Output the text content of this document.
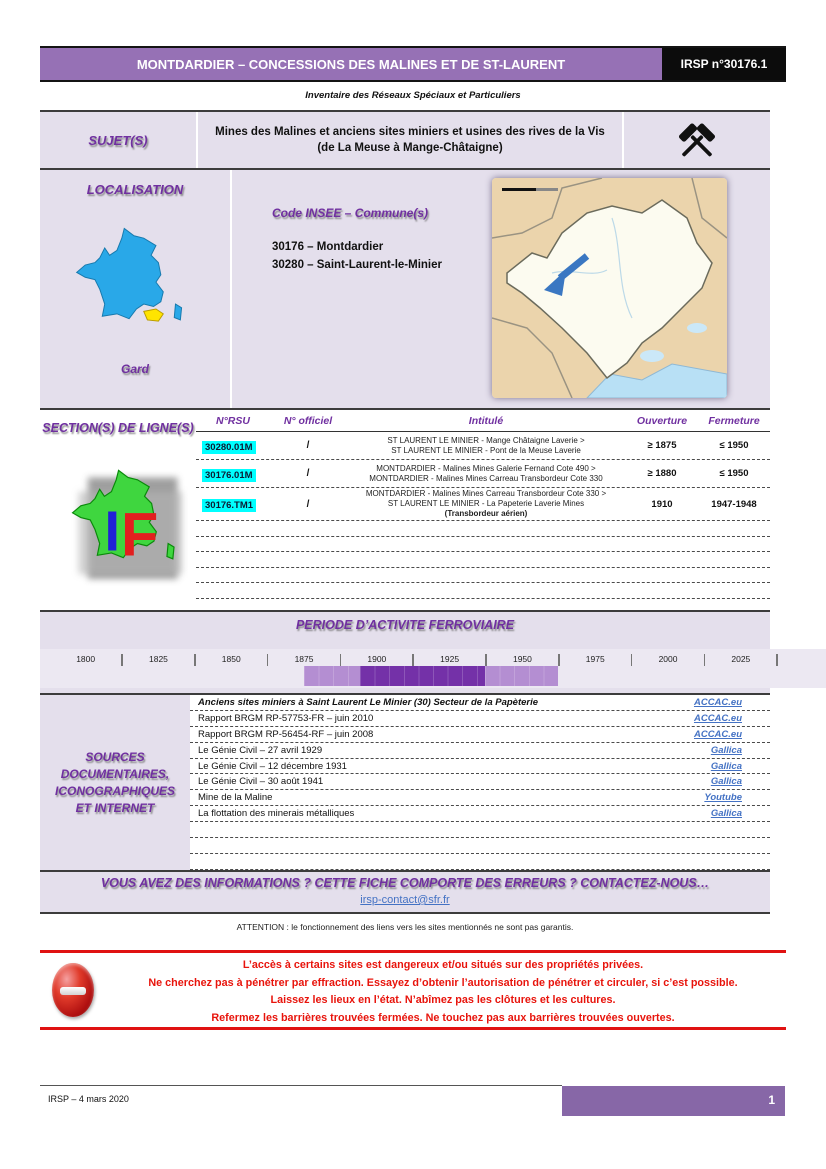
MONTDARDIER – CONCESSIONS DES MALINES ET DE ST-LAURENT	IRSP n°30176.1
Inventaire des Réseaux Spéciaux et Particuliers
SUJET(S)
Mines des Malines et anciens sites miniers et usines des rives de la Vis
(de La Meuse à Mange-Châtaigne)
LOCALISATION
Gard
Code INSEE – Commune(s)
30176 – Montdardier
30280 – Saint-Laurent-le-Minier
SECTION(S) DE LIGNE(S)
I F
N°RSU	N° officiel	Intitulé	Ouverture	Fermeture
30280.01M	/	ST LAURENT LE MINIER - Mange Châtaigne Laverie >
ST LAURENT LE MINIER - Pont de la Meuse Laverie	≥ 1875	≤ 1950
30176.01M	/	MONTDARDIER - Malines Mines Galerie Fernand Cote 490 >
MONTDARDIER - Malines Mines Carreau Transbordeur Cote 330	≥ 1880	≤ 1950
30176.TM1	/
MONTDARDIER - Malines Mines Carreau Transbordeur Cote 330 >
ST LAURENT LE MINIER - La Papeterie Laverie Mines
(Transbordeur aérien)
1910	1947-1948
PERIODE D’ACTIVITE FERROVIAIRE
1800	1825	1850	1875	1900	1925	1950	1975	2000	2025
SOURCES DOCUMENTAIRES, ICONOGRAPHIQUES ET INTERNET
Anciens sites miniers à Saint Laurent Le Minier (30) Secteur de la Papèterie	ACCAC.eu
Rapport BRGM RP-57753-FR – juin 2010	ACCAC.eu
Rapport BRGM RP-56454-RF – juin 2008	ACCAC.eu
Le Génie Civil – 27 avril 1929	Gallica
Le Génie Civil – 12 décembre 1931	Gallica
Le Génie Civil – 30 août 1941	Gallica
Mine de la Maline	Youtube
La flottation des minerais métalliques	Gallica
VOUS AVEZ DES INFORMATIONS ? CETTE FICHE COMPORTE DES ERREURS ? CONTACTEZ-NOUS…
irsp-contact@sfr.fr
ATTENTION : le fonctionnement des liens vers les sites mentionnés ne sont pas garantis.
L’accès à certains sites est dangereux et/ou situés sur des propriétés privées.
Ne cherchez pas à pénétrer par effraction. Essayez d’obtenir l’autorisation de pénétrer et circuler, si c’est possible.
Laissez les lieux en l’état. N’abîmez pas les clôtures et les cultures.
Refermez les barrières trouvées fermées. Ne touchez pas aux barrières trouvées ouvertes.
IRSP – 4 mars 2020	1
